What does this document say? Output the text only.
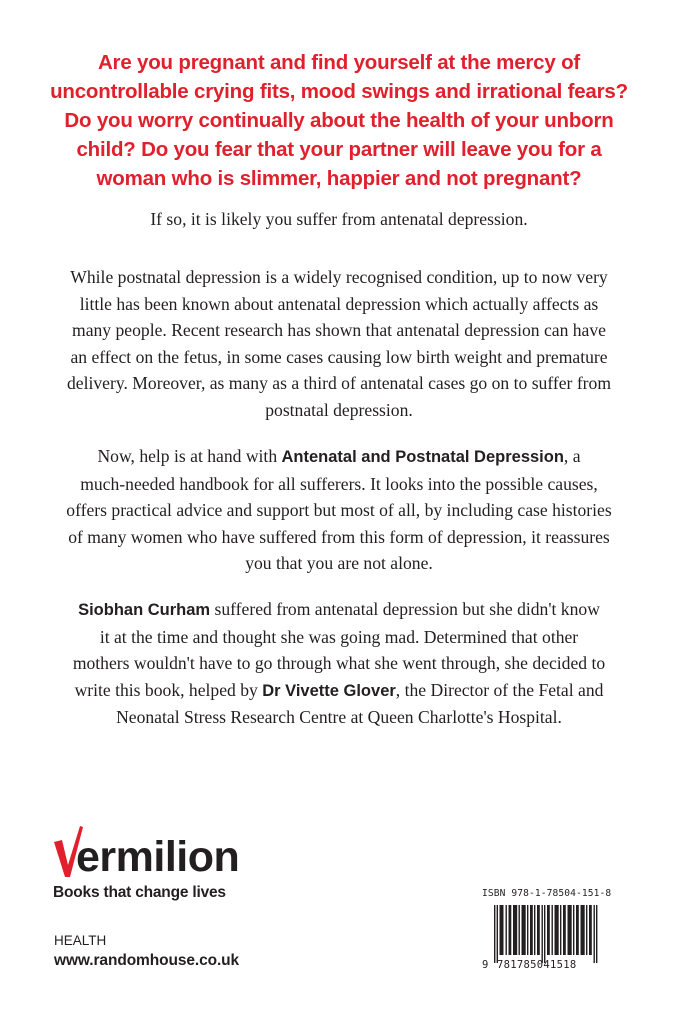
Are you pregnant and find yourself at the mercy of
uncontrollable crying fits, mood swings and irrational fears?
Do you worry continually about the health of your unborn
child? Do you fear that your partner will leave you for a
woman who is slimmer, happier and not pregnant?
If so, it is likely you suffer from antenatal depression.
While postnatal depression is a widely recognised condition, up to now very
little has been known about antenatal depression which actually affects as
many people. Recent research has shown that antenatal depression can have
an effect on the fetus, in some cases causing low birth weight and premature
delivery. Moreover, as many as a third of antenatal cases go on to suffer from
postnatal depression.
Now, help is at hand with Antenatal and Postnatal Depression, a
much-needed handbook for all sufferers. It looks into the possible causes,
offers practical advice and support but most of all, by including case histories
of many women who have suffered from this form of depression, it reassures
you that you are not alone.
Siobhan Curham suffered from antenatal depression but she didn't know
it at the time and thought she was going mad. Determined that other
mothers wouldn't have to go through what she went through, she decided to
write this book, helped by Dr Vivette Glover, the Director of the Fetal and
Neonatal Stress Research Centre at Queen Charlotte's Hospital.
ermilion
Books that change lives
HEALTH
www.randomhouse.co.uk
ISBN 978-1-78504-151-8
9 781785041518
